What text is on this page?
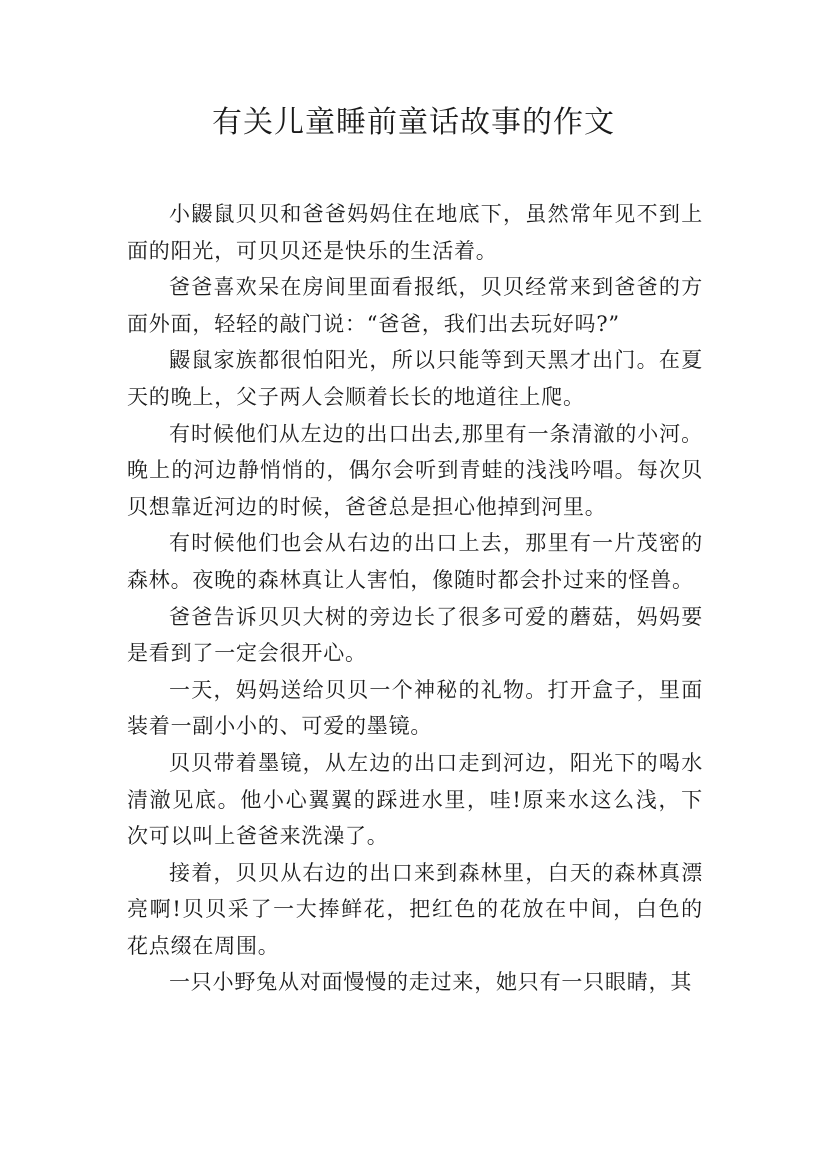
有关儿童睡前童话故事的作文

小鼹鼠贝贝和爸爸妈妈住在地底下，虽然常年见不到上面的阳光，可贝贝还是快乐的生活着。

爸爸喜欢呆在房间里面看报纸，贝贝经常来到爸爸的方面外面，轻轻的敲门说：“爸爸，我们出去玩好吗?”

鼹鼠家族都很怕阳光，所以只能等到天黑才出门。在夏天的晚上，父子两人会顺着长长的地道往上爬。

有时候他们从左边的出口出去,那里有一条清澈的小河。晚上的河边静悄悄的，偶尔会听到青蛙的浅浅吟唱。每次贝贝想靠近河边的时候，爸爸总是担心他掉到河里。

有时候他们也会从右边的出口上去，那里有一片茂密的森林。夜晚的森林真让人害怕，像随时都会扑过来的怪兽。

爸爸告诉贝贝大树的旁边长了很多可爱的蘑菇，妈妈要是看到了一定会很开心。

一天，妈妈送给贝贝一个神秘的礼物。打开盒子，里面装着一副小小的、可爱的墨镜。

贝贝带着墨镜，从左边的出口走到河边，阳光下的喝水清澈见底。他小心翼翼的踩进水里，哇!原来水这么浅，下次可以叫上爸爸来洗澡了。

接着，贝贝从右边的出口来到森林里，白天的森林真漂亮啊!贝贝采了一大捧鲜花，把红色的花放在中间，白色的花点缀在周围。

一只小野兔从对面慢慢的走过来，她只有一只眼睛，其
